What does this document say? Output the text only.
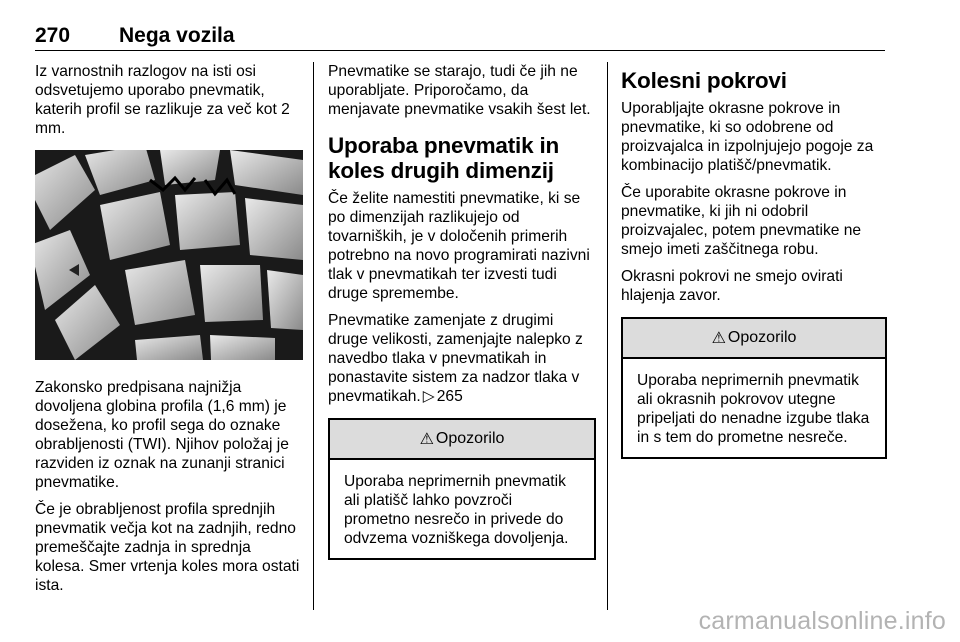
270 Nega vozila

Iz varnostnih razlogov na isti osi odsvetujemo uporabo pnevmatik, katerih profil se razlikuje za več kot 2 mm.

Zakonsko predpisana najnižja dovoljena globina profila (1,6 mm) je dosežena, ko profil sega do oznake obrabljenosti (TWI). Njihov položaj je razviden iz oznak na zunanji stranici pnevmatike.

Če je obrabljenost profila sprednjih pnevmatik večja kot na zadnjih, redno premeščajte zadnja in sprednja kolesa. Smer vrtenja koles mora ostati ista.

Pnevmatike se starajo, tudi če jih ne uporabljate. Priporočamo, da menjavate pnevmatike vsakih šest let.

Uporaba pnevmatik in koles drugih dimenzij

Če želite namestiti pnevmatike, ki se po dimenzijah razlikujejo od tovarniških, je v določenih primerih potrebno na novo programirati nazivni tlak v pnevmatikah ter izvesti tudi druge spremembe.

Pnevmatike zamenjate z drugimi druge velikosti, zamenjajte nalepko z navedbo tlaka v pnevmatikah in ponastavite sistem za nadzor tlaka v pnevmatikah. ▷ 265

⚠ Opozorilo
Uporaba neprimernih pnevmatik ali platišč lahko povzroči prometno nesrečo in privede do odvzema vozniškega dovoljenja.
Kolesni pokrovi

Uporabljajte okrasne pokrove in pnevmatike, ki so odobrene od proizvajalca in izpolnjujejo pogoje za kombinacijo platišč/pnevmatik.

Če uporabite okrasne pokrove in pnevmatike, ki jih ni odobril proizvajalec, potem pnevmatike ne smejo imeti zaščitnega robu.

Okrasni pokrovi ne smejo ovirati hlajenja zavor.

⚠ Opozorilo
Uporaba neprimernih pnevmatik ali okrasnih pokrovov utegne pripeljati do nenadne izgube tlaka in s tem do prometne nesreče.
carmanualsonline.info
